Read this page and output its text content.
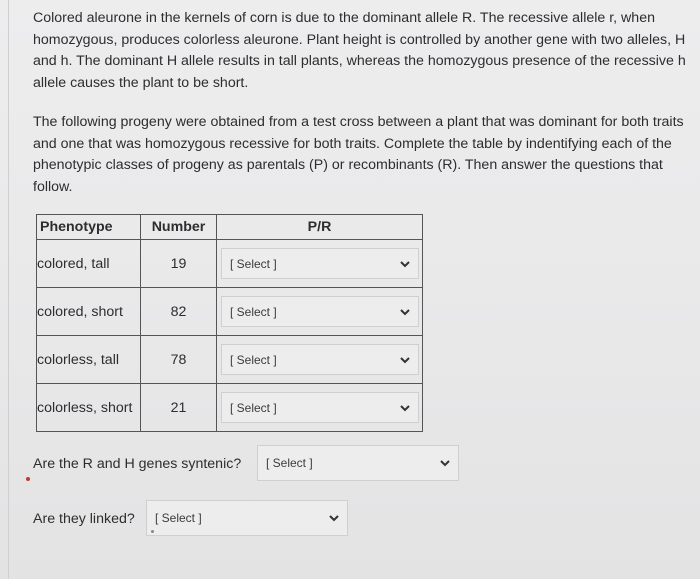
Colored aleurone in the kernels of corn is due to the dominant allele R. The recessive allele r, when homozygous, produces colorless aleurone. Plant height is controlled by another gene with two alleles, H and h. The dominant H allele results in tall plants, whereas the homozygous presence of the recessive h allele causes the plant to be short.

The following progeny were obtained from a test cross between a plant that was dominant for both traits and one that was homozygous recessive for both traits. Complete the table by indentifying each of the phenotypic classes of progeny as parentals (P) or recombinants (R). Then answer the questions that follow.

Phenotype	Number	P/R
colored, tall	19	[ Select ]

colored, short	82	[ Select ]

colorless, tall	78	[ Select ]

colorless, short	21	[ Select ]
Are the R and H genes syntenic? [ Select ]
Are they linked? [ Select ]
